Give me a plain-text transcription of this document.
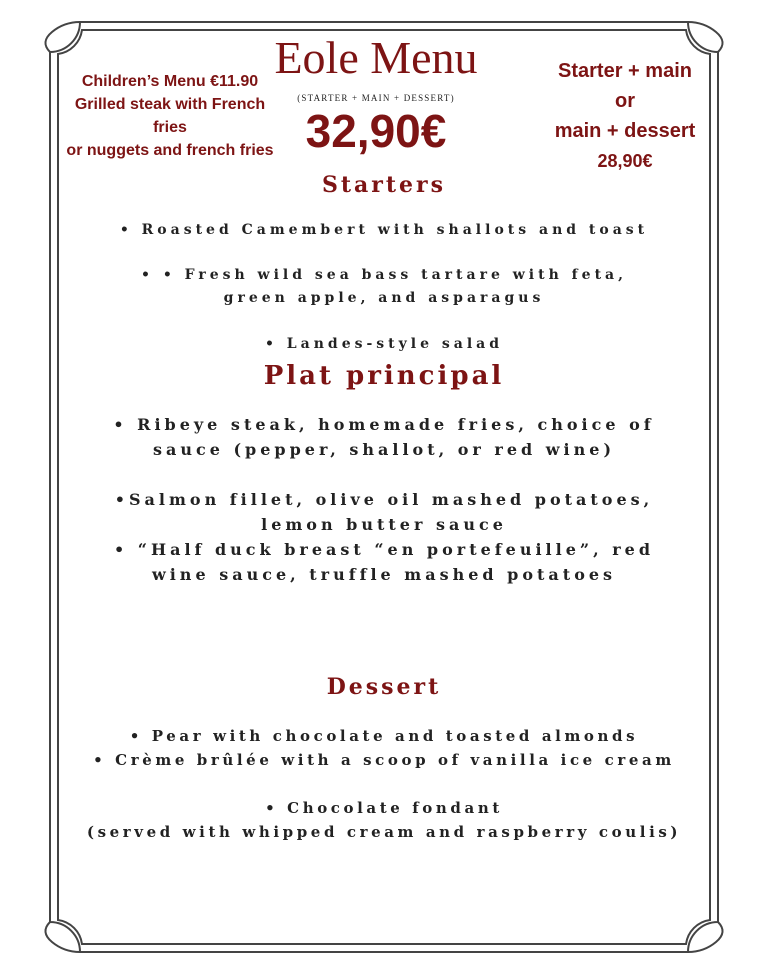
Eole Menu
(STARTER + MAIN + DESSERT)
32,90€
Children’s Menu €11.90
Grilled steak with French
fries
or nuggets and french fries
Starter + main
or
main + dessert
28,90€
Starters
• Roasted Camembert with shallots and toast
• • Fresh wild sea bass tartare with feta, green apple, and asparagus
• Landes-style salad
Plat principal
• Ribeye steak, homemade fries, choice of sauce (pepper, shallot, or red wine)
•Salmon fillet, olive oil mashed potatoes, lemon butter sauce
• “Half duck breast “en portefeuille”, red wine sauce, truffle mashed potatoes
Dessert
• Pear with chocolate and toasted almonds
• Crème brûlée with a scoop of vanilla ice cream
• Chocolate fondant
(served with whipped cream and raspberry coulis)
